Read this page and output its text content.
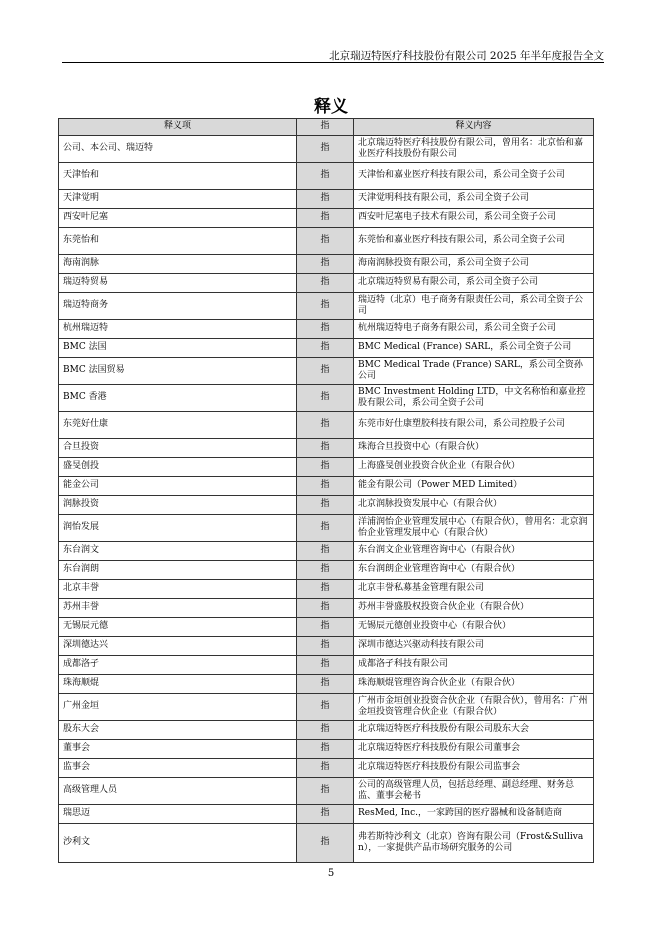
北京瑞迈特医疗科技股份有限公司 2025 年半年度报告全文
释义
释义项	指	释义内容
公司、本公司、瑞迈特	指	北京瑞迈特医疗科技股份有限公司，曾用名：北京怡和嘉业医疗科技股份有限公司
天津怡和	指	天津怡和嘉业医疗科技有限公司，系公司全资子公司
天津觉明	指	天津觉明科技有限公司，系公司全资子公司
西安叶尼塞	指	西安叶尼塞电子技术有限公司，系公司全资子公司
东莞怡和	指	东莞怡和嘉业医疗科技有限公司，系公司全资子公司
海南润脉	指	海南润脉投资有限公司，系公司全资子公司
瑞迈特贸易	指	北京瑞迈特贸易有限公司，系公司全资子公司
瑞迈特商务	指	瑞迈特（北京）电子商务有限责任公司，系公司全资子公司
杭州瑞迈特	指	杭州瑞迈特电子商务有限公司，系公司全资子公司
BMC 法国	指	BMC Medical (France) SARL，系公司全资子公司
BMC 法国贸易	指	BMC Medical Trade (France) SARL，系公司全资孙公司
BMC 香港	指	BMC Investment Holding LTD，中文名称怡和嘉业控股有限公司，系公司全资子公司
东莞好仕康	指	东莞市好仕康塑胶科技有限公司，系公司控股子公司
合旦投资	指	珠海合旦投资中心（有限合伙）
盛旻创投	指	上海盛旻创业投资合伙企业（有限合伙）
能金公司	指	能金有限公司（Power MED Limited）
润脉投资	指	北京润脉投资发展中心（有限合伙）
润怡发展	指	洋浦润怡企业管理发展中心（有限合伙），曾用名：北京润怡企业管理发展中心（有限合伙）
东台润文	指	东台润文企业管理咨询中心（有限合伙）
东台润朗	指	东台润朗企业管理咨询中心（有限合伙）
北京丰誉	指	北京丰誉私募基金管理有限公司
苏州丰誉	指	苏州丰誉盛股权投资合伙企业（有限合伙）
无锡辰元德	指	无锡辰元德创业投资中心（有限合伙）
深圳德达兴	指	深圳市德达兴驱动科技有限公司
成都洛孑	指	成都洛孑科技有限公司
珠海顺焜	指	珠海顺焜管理咨询合伙企业（有限合伙）
广州金垣	指	广州市金垣创业投资合伙企业（有限合伙），曾用名：广州金垣投资管理合伙企业（有限合伙）
股东大会	指	北京瑞迈特医疗科技股份有限公司股东大会
董事会	指	北京瑞迈特医疗科技股份有限公司董事会
监事会	指	北京瑞迈特医疗科技股份有限公司监事会
高级管理人员	指	公司的高级管理人员，包括总经理、副总经理、财务总监、董事会秘书
瑞思迈	指	ResMed, Inc.，一家跨国的医疗器械和设备制造商
沙利文	指	弗若斯特沙利文（北京）咨询有限公司（Frost&Sullivan），一家提供产品市场研究服务的公司
5
